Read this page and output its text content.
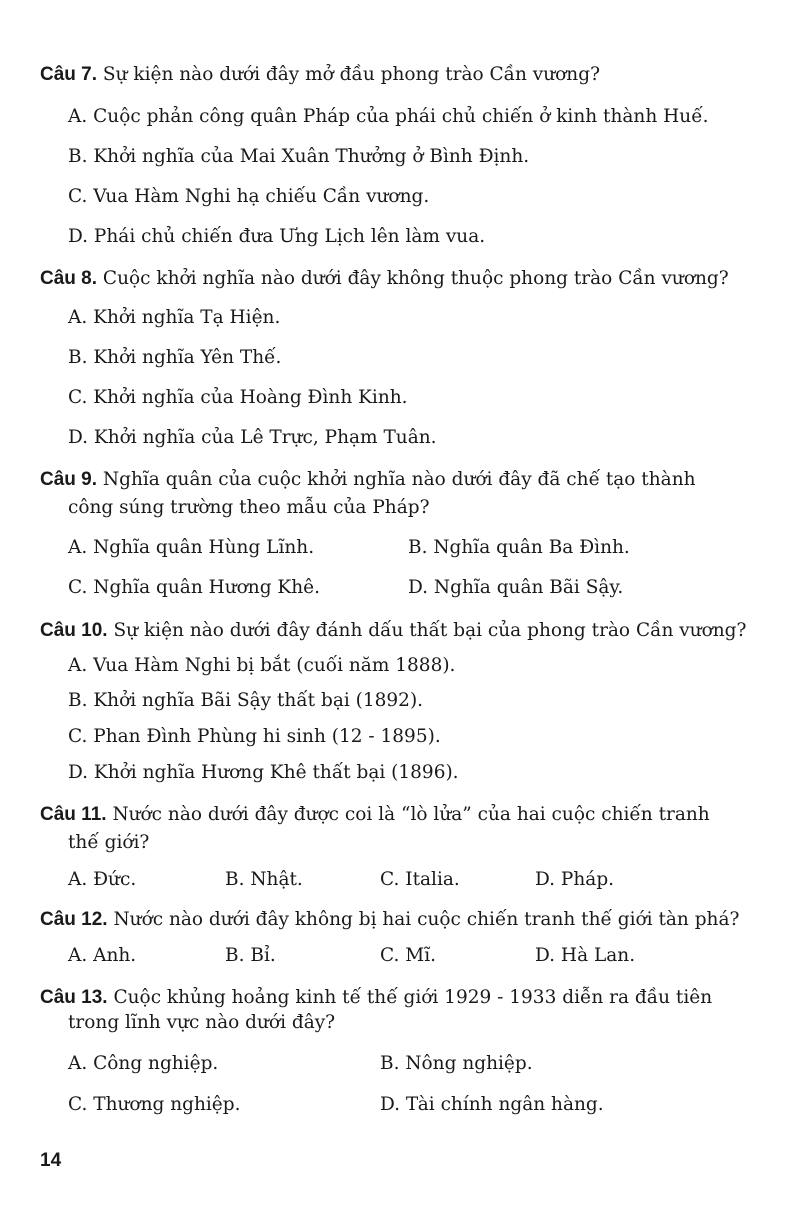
Câu 7. Sự kiện nào dưới đây mở đầu phong trào Cần vương?
A. Cuộc phản công quân Pháp của phái chủ chiến ở kinh thành Huế.
B. Khởi nghĩa của Mai Xuân Thưởng ở Bình Định.
C. Vua Hàm Nghi hạ chiếu Cần vương.
D. Phái chủ chiến đưa Ưng Lịch lên làm vua.
Câu 8. Cuộc khởi nghĩa nào dưới đây không thuộc phong trào Cần vương?
A. Khởi nghĩa Tạ Hiện.
B. Khởi nghĩa Yên Thế.
C. Khởi nghĩa của Hoàng Đình Kinh.
D. Khởi nghĩa của Lê Trực, Phạm Tuân.
Câu 9. Nghĩa quân của cuộc khởi nghĩa nào dưới đây đã chế tạo thành
công súng trường theo mẫu của Pháp?
A. Nghĩa quân Hùng Lĩnh.	B. Nghĩa quân Ba Đình.
C. Nghĩa quân Hương Khê.	D. Nghĩa quân Bãi Sậy.
Câu 10. Sự kiện nào dưới đây đánh dấu thất bại của phong trào Cần vương?
A. Vua Hàm Nghi bị bắt (cuối năm 1888).
B. Khởi nghĩa Bãi Sậy thất bại (1892).
C. Phan Đình Phùng hi sinh (12 - 1895).
D. Khởi nghĩa Hương Khê thất bại (1896).
Câu 11. Nước nào dưới đây được coi là “lò lửa” của hai cuộc chiến tranh
thế giới?
A. Đức.	B. Nhật.	C. Italia.	D. Pháp.
Câu 12. Nước nào dưới đây không bị hai cuộc chiến tranh thế giới tàn phá?
A. Anh.	B. Bỉ.	C. Mĩ.	D. Hà Lan.
Câu 13. Cuộc khủng hoảng kinh tế thế giới 1929 - 1933 diễn ra đầu tiên
trong lĩnh vực nào dưới đây?
A. Công nghiệp.	B. Nông nghiệp.
C. Thương nghiệp.	D. Tài chính ngân hàng.
14
